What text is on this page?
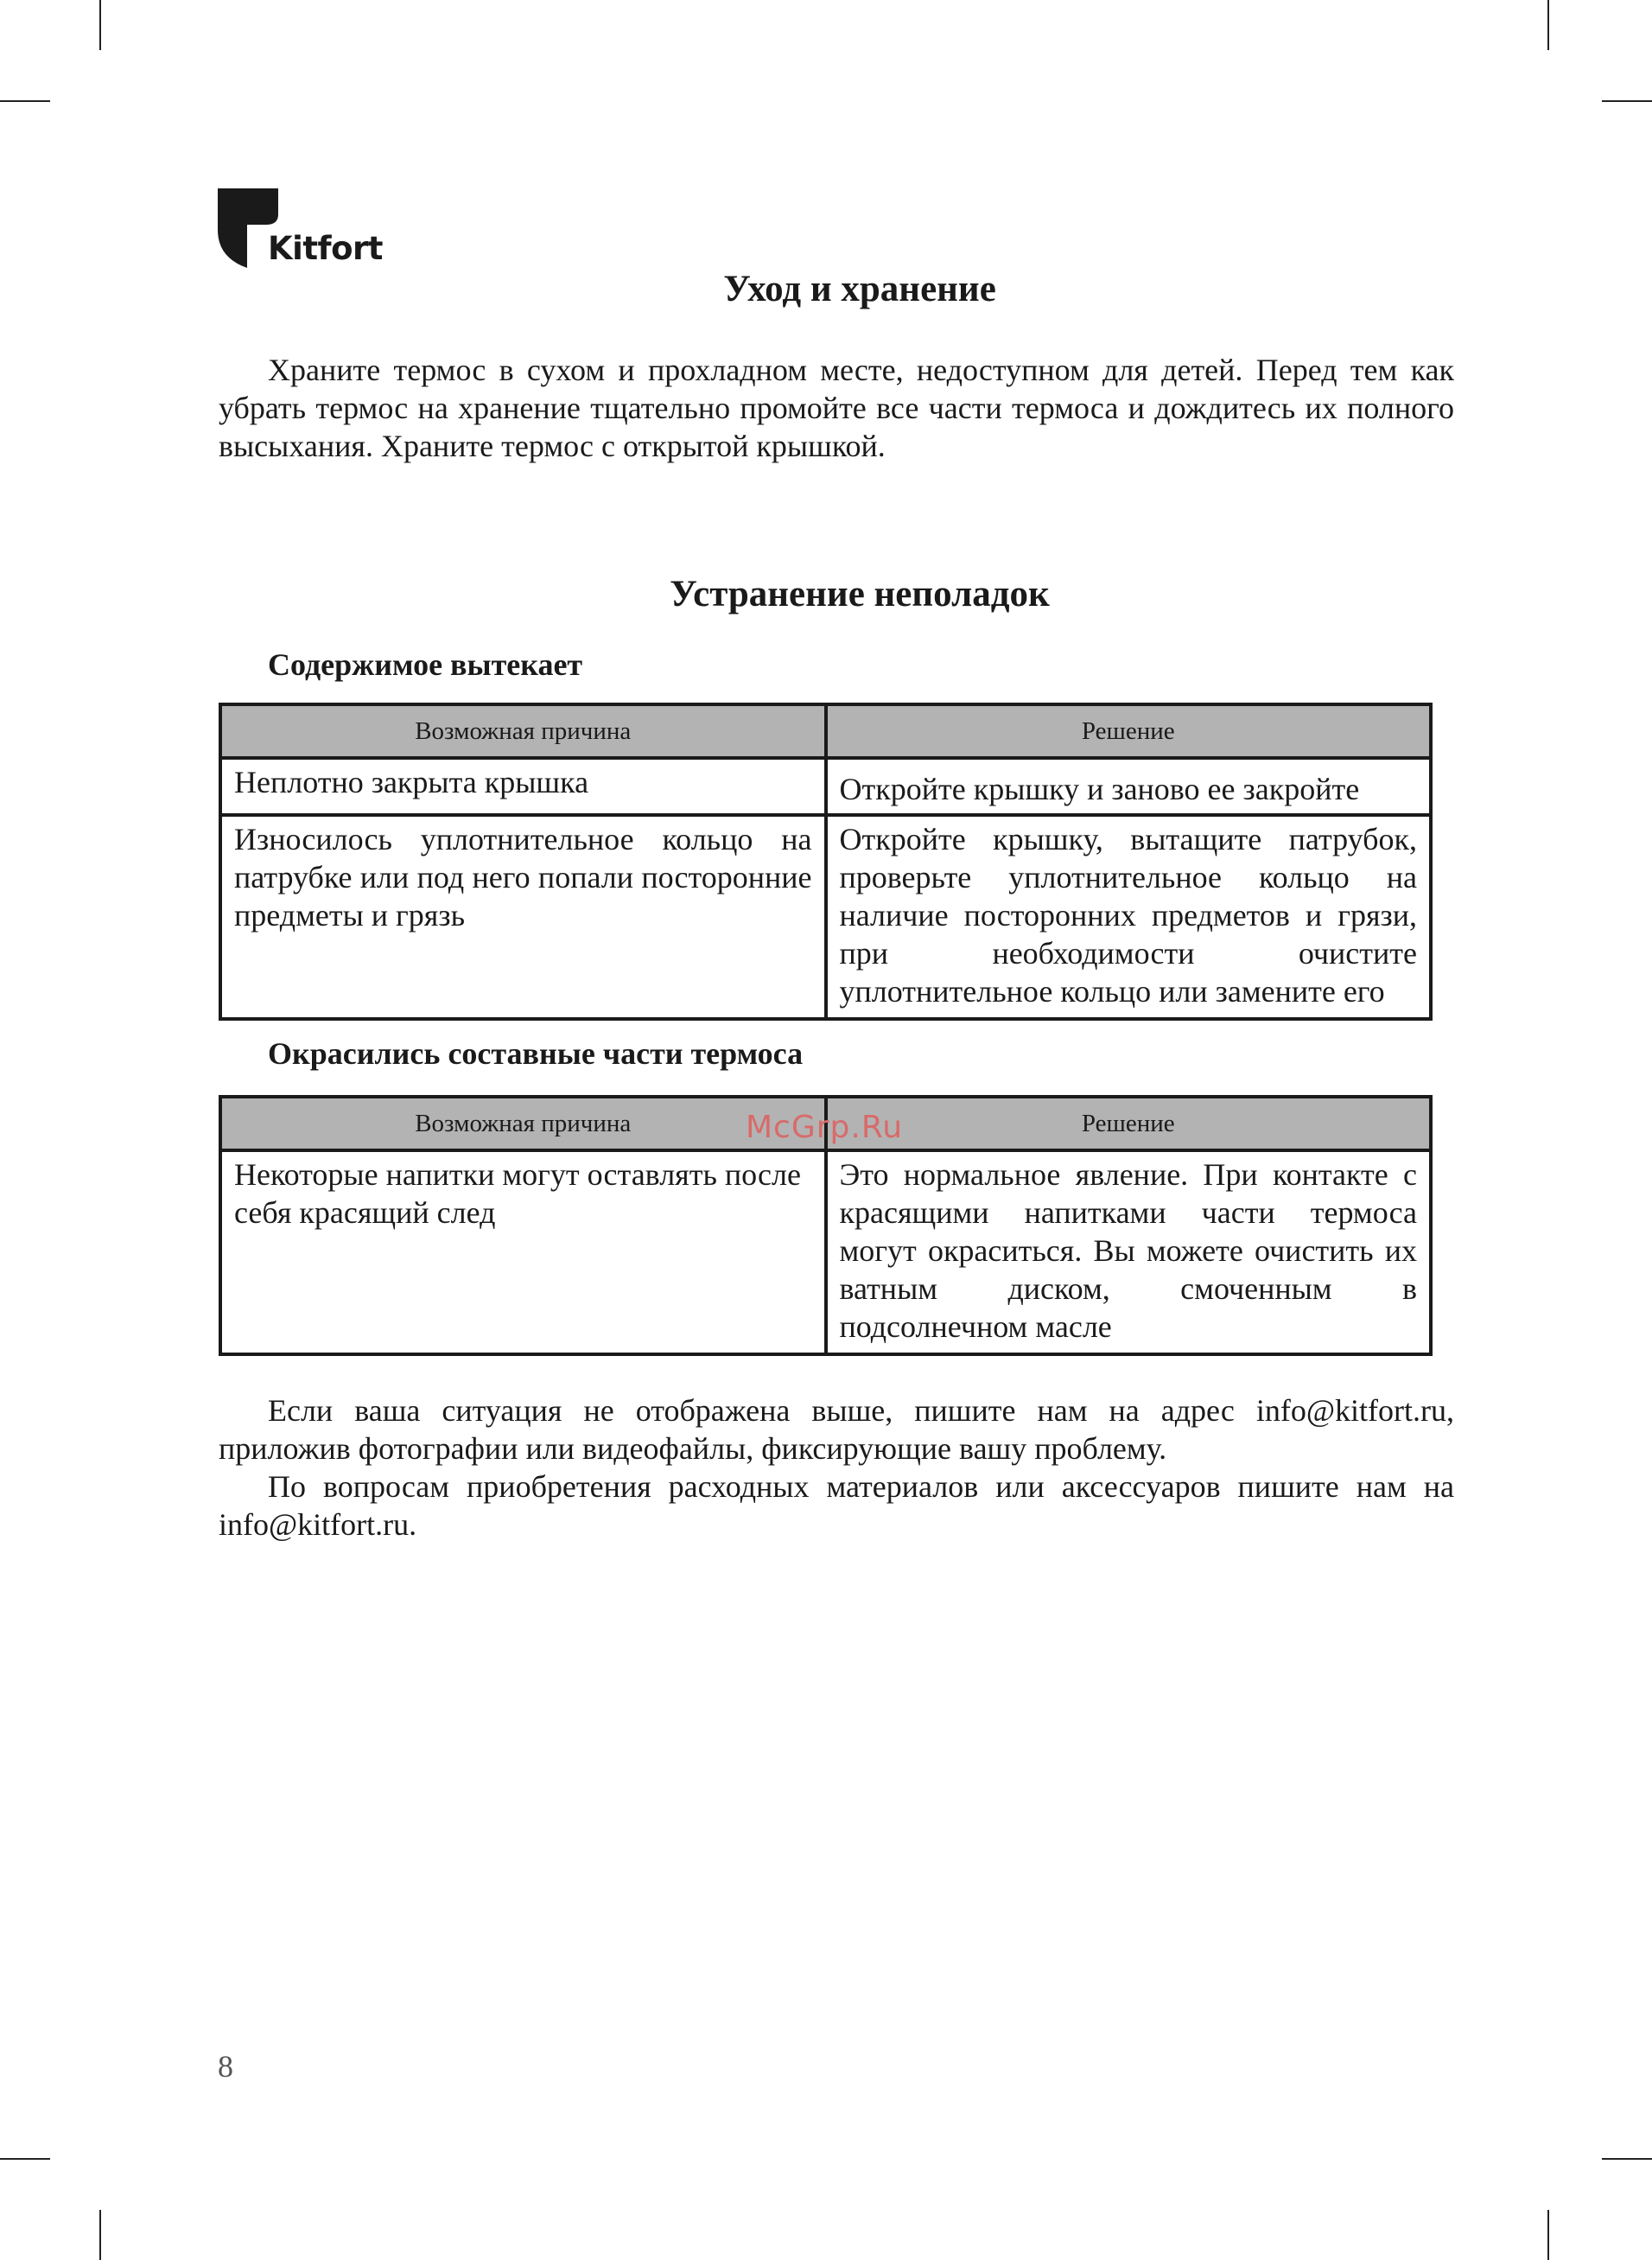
Kitfort
Уход и хранение

Храните термос в сухом и прохладном месте, недоступном для детей. Перед тем как убрать термос на хранение тщательно промойте все части термоса и дождитесь их полного высыхания. Храните термос с открытой крышкой.

Устранение неполадок
Содержимое вытекает
Возможная причина	Решение
Неплотно закрыта крышка	Откройте крышку и заново ее закройте
Износилось уплотнительное кольцо на патрубке или под него попали посторонние предметы и грязь	Откройте крышку, вытащите патрубок, проверьте уплотнительное кольцо на наличие посторонних предметов и грязи, при необходимости очистите уплотнительное кольцо или замените его
Окрасились составные части термоса
Возможная причина	Решение
Некоторые напитки могут оставлять после себя красящий след	Это нормальное явление. При контакте с красящими напитками части термоса могут окраситься. Вы можете очистить их ватным диском, смоченным в подсолнечном масле
McGrp.Ru

Если ваша ситуация не отображена выше, пишите нам на адрес info@kitfort.ru, приложив фотографии или видеофайлы, фиксирующие вашу проблему.

По вопросам приобретения расходных материалов или аксессуаров пишите нам на info@kitfort.ru.

8
